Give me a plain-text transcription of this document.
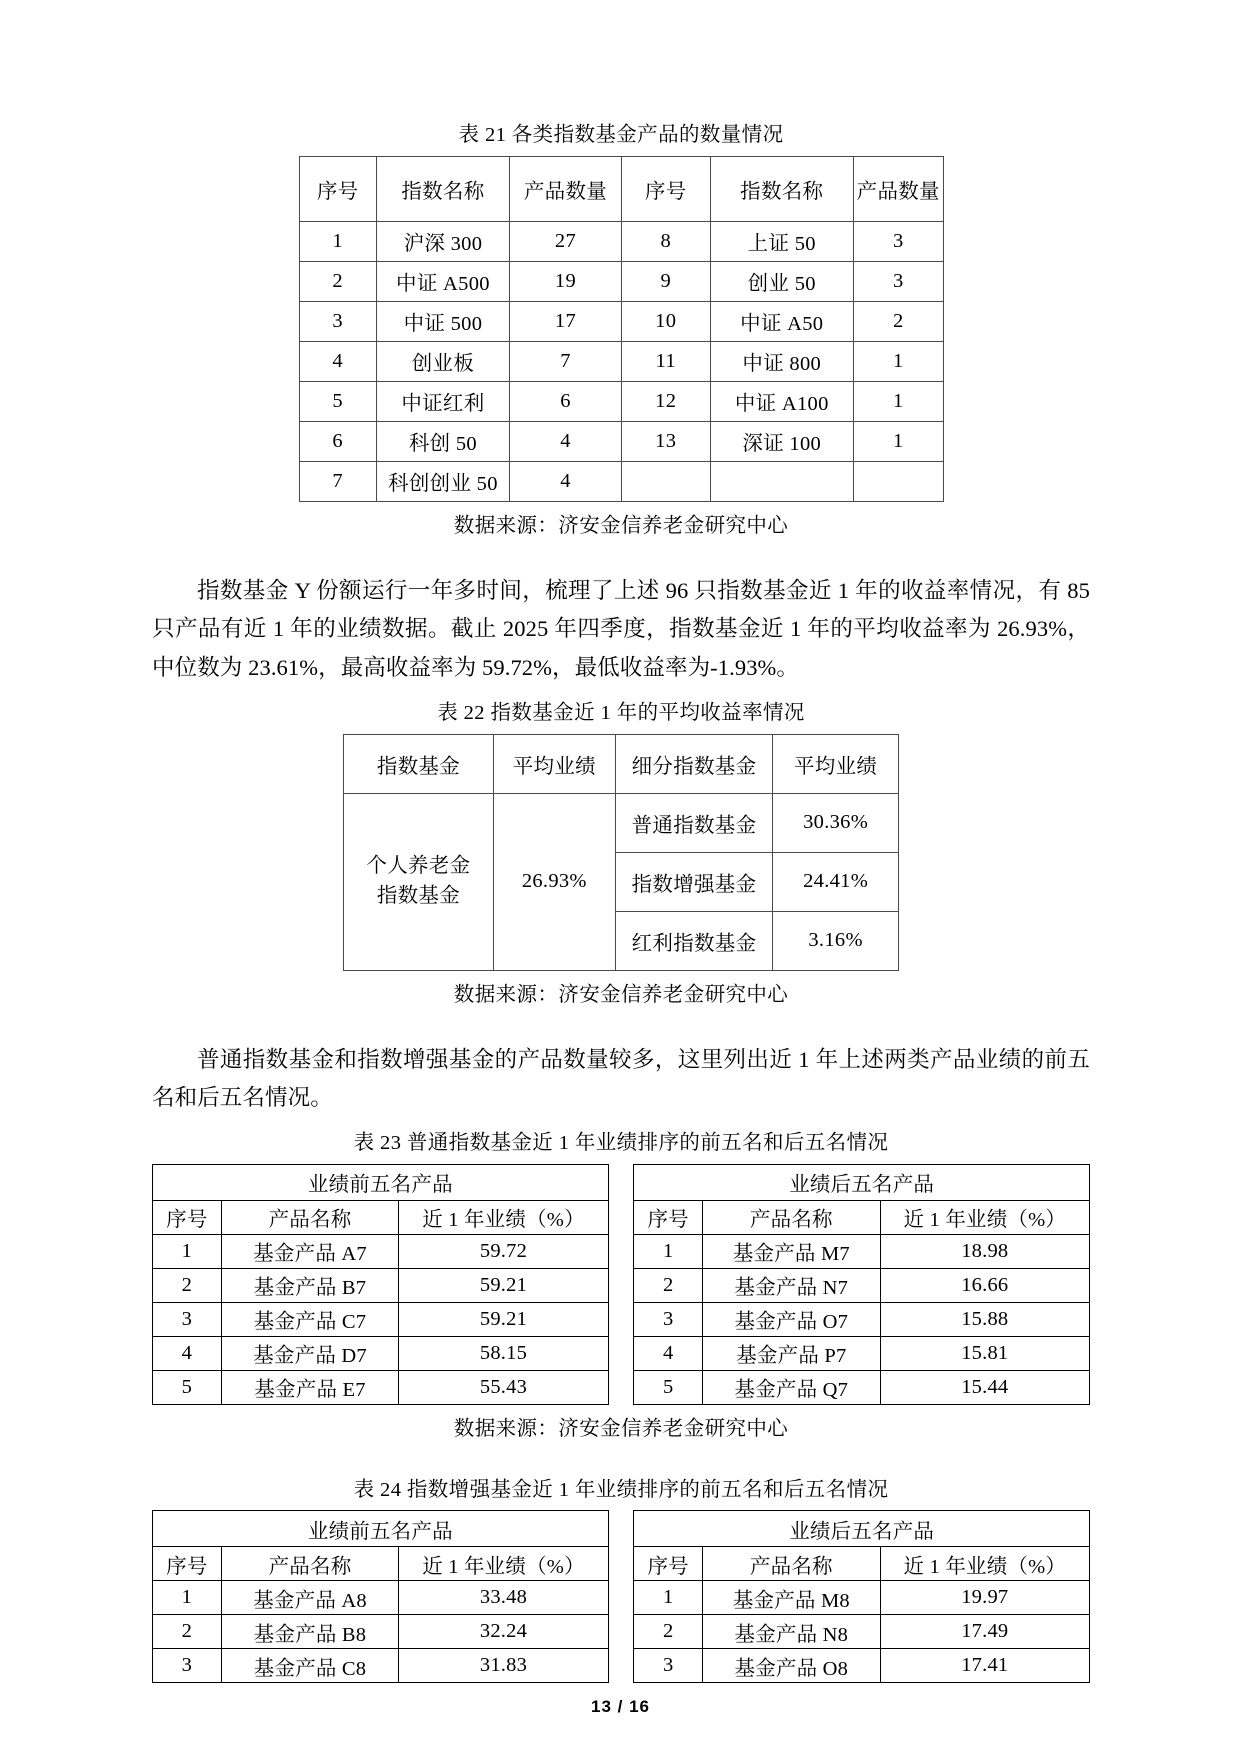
表 21 各类指数基金产品的数量情况
序号	指数名称	产品数量	序号	指数名称	产品数量
1	沪深 300	27	8	上证 50	3
2	中证 A500	19	9	创业 50	3
3	中证 500	17	10	中证 A50	2
4	创业板	7	11	中证 800	1
5	中证红利	6	12	中证 A100	1
6	科创 50	4	13	深证 100	1
7	科创创业 50	4			
数据来源：济安金信养老金研究中心

指数基金 Y 份额运行一年多时间，梳理了上述 96 只指数基金近 1 年的收益率情况，有 85 只产品有近 1 年的业绩数据。截止 2025 年四季度，指数基金近 1 年的平均收益率为 26.93%，中位数为 23.61%，最高收益率为 59.72%，最低收益率为-1.93%。

表 22 指数基金近 1 年的平均收益率情况
指数基金	平均业绩	细分指数基金	平均业绩
个人养老金
指数基金	26.93%	普通指数基金	30.36%
		指数增强基金	24.41%
		红利指数基金	3.16%
数据来源：济安金信养老金研究中心

普通指数基金和指数增强基金的产品数量较多，这里列出近 1 年上述两类产品业绩的前五名和后五名情况。

表 23 普通指数基金近 1 年业绩排序的前五名和后五名情况
业绩前五名产品				业绩后五名产品		
序号	产品名称	近 1 年业绩（%）		序号	产品名称	近 1 年业绩（%）
1	基金产品 A7	59.72		1	基金产品 M7	18.98
2	基金产品 B7	59.21		2	基金产品 N7	16.66
3	基金产品 C7	59.21		3	基金产品 O7	15.88
4	基金产品 D7	58.15		4	基金产品 P7	15.81
5	基金产品 E7	55.43		5	基金产品 Q7	15.44
数据来源：济安金信养老金研究中心
表 24 指数增强基金近 1 年业绩排序的前五名和后五名情况
业绩前五名产品				业绩后五名产品		
序号	产品名称	近 1 年业绩（%）		序号	产品名称	近 1 年业绩（%）
1	基金产品 A8	33.48		1	基金产品 M8	19.97
2	基金产品 B8	32.24		2	基金产品 N8	17.49
3	基金产品 C8	31.83		3	基金产品 O8	17.41
13 / 16
